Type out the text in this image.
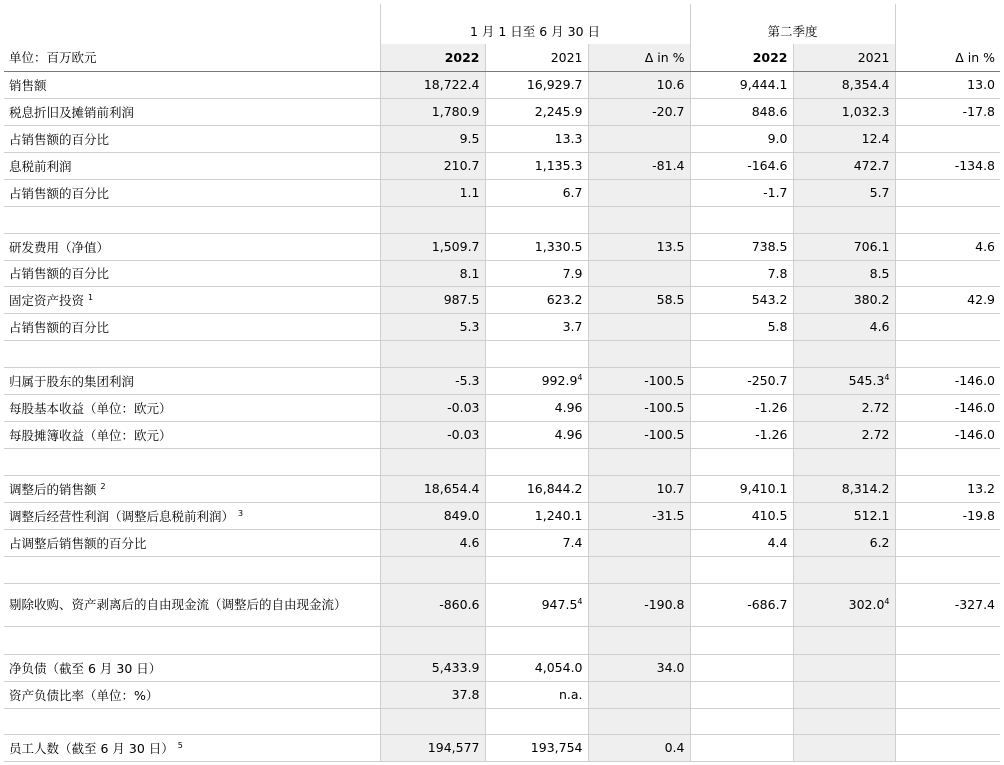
	1 月 1 日至 6 月 30 日			第二季度		
单位：百万欧元	2022	2021	Δ in %	2022	2021	Δ in %
销售额	18,722.4	16,929.7	10.6	9,444.1	8,354.4	13.0
税息折旧及摊销前利润	1,780.9	2,245.9	-20.7	848.6	1,032.3	-17.8
占销售额的百分比	9.5	13.3		9.0	12.4	
息税前利润	210.7	1,135.3	-81.4	-164.6	472.7	-134.8
占销售额的百分比	1.1	6.7		-1.7	5.7	

研发费用（净值）	1,509.7	1,330.5	13.5	738.5	706.1	4.6
占销售额的百分比	8.1	7.9		7.8	8.5	
固定资产投资 $^1$	987.5	623.2	58.5	543.2	380.2	42.9
占销售额的百分比	5.3	3.7		5.8	4.6	

归属于股东的集团利润	-5.3	992.9$^4$	-100.5	-250.7	545.3$^4$	-146.0
每股基本收益（单位：欧元）	-0.03	4.96	-100.5	-1.26	2.72	-146.0
每股摊簿收益（单位：欧元）	-0.03	4.96	-100.5	-1.26	2.72	-146.0

调整后的销售额 $^2$	18,654.4	16,844.2	10.7	9,410.1	8,314.2	13.2
调整后经营性利润（调整后息税前利润） $^3$	849.0	1,240.1	-31.5	410.5	512.1	-19.8
占调整后销售额的百分比	4.6	7.4		4.4	6.2	

剔除收购、资产剥离后的自由现金流（调整后的自由现金流）	-860.6	947.5$^4$	-190.8	-686.7	302.0$^4$	-327.4

净负债（截至 6 月 30 日）	5,433.9	4,054.0	34.0			
资产负债比率（单位：%）	37.8	n.a.				

员工人数（截至 6 月 30 日） $^5$	194,577	193,754	0.4			
